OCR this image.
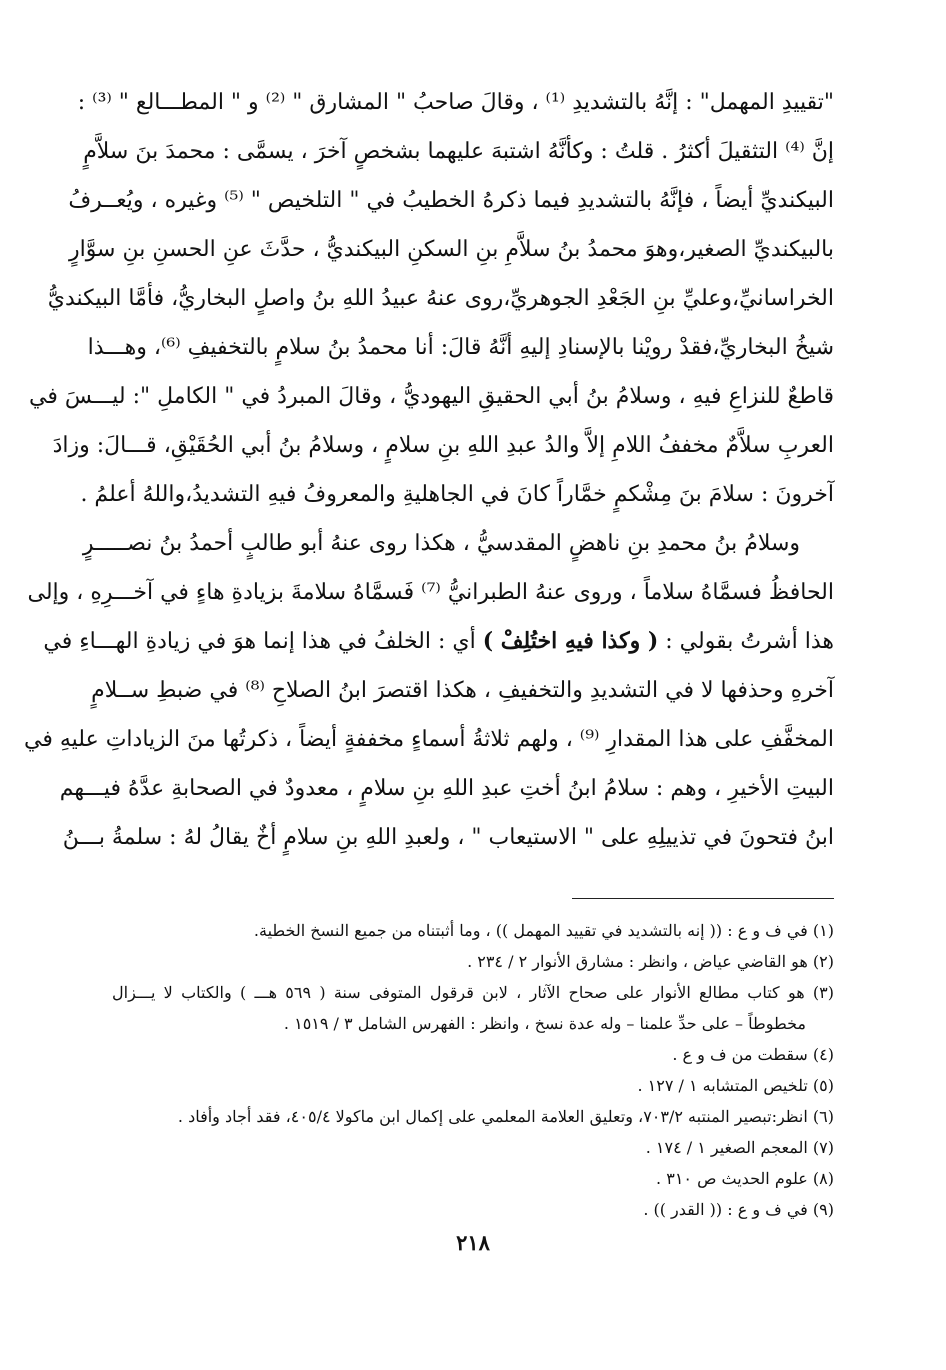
"تقييدِ المهمل" : إنَّهُ بالتشديدِ ⁽¹⁾ ، وقالَ صاحبُ " المشارق " ⁽²⁾ و " المطـــالع " ⁽³⁾ :
إنَّ ⁽⁴⁾ التثقيلَ أكثرُ . قلتُ : وكأنَّهُ اشتبهَ عليهما بشخصٍ آخرَ ، يسمَّى : محمدَ بنَ سلاَّمٍ
البيكنديِّ أيضاً ، فإنَّهُ بالتشديدِ فيما ذكرهُ الخطيبُ في " التلخيص " ⁽⁵⁾ وغيره ، ويُعــرفُ
بالبيكنديِّ الصغير،وهوَ محمدُ بنُ سلاَّمِ بنِ السكنِ البيكنديُّ ، حدَّثَ عنِ الحسنِ بنِ سوَّارٍ
الخراسانيِّ،وعليِّ بنِ الجَعْدِ الجوهريِّ،روى عنهُ عبيدُ اللهِ بنُ واصلٍ البخاريُّ، فأمَّا البيكنديُّ
شيخُ البخاريِّ،فقدْ رويْنا بالإسنادِ إليهِ أنَّهُ قالَ: أنا محمدُ بنُ سلامٍ بالتخفيفِ ⁽⁶⁾، وهـــذا
قاطعٌ للنزاعِ فيهِ ، وسلامُ بنُ أبي الحقيقِ اليهوديُّ ، وقالَ المبردُ في " الكاملِ ": ليـــسَ في
العربِ سلاَّمٌ مخففُ اللامِ إلاَّ والدُ عبدِ اللهِ بنِ سلامٍ ، وسلامُ بنُ أبي الحُقَيْقِ، قـــالَ: وزادَ
آخرونَ : سلامَ بنَ مِشْكمٍ خمَّاراً كانَ في الجاهليةِ والمعروفُ فيهِ التشديدُ،واللهُ أعلمُ .
وسلامُ بنُ محمدِ بنِ ناهضٍ المقدسيُّ ، هكذا روى عنهُ أبو طالبٍ أحمدُ بنُ نصـــــرٍ
الحافظُ فسمَّاهُ سلاماً ، وروى عنهُ الطبرانيُّ ⁽⁷⁾ فَسمَّاهُ سلامةَ بزيادةِ هاءٍ في آخـــرِهِ ، وإلى
هذا أشرتُ بقولي : ( وكذا فيهِ اختُلِفْ ) أي : الخلفُ في هذا إنما هوَ في زيادةِ الهـــاءِ في
آخرهِ وحذفها لا في التشديدِ والتخفيفِ ، هكذا اقتصرَ ابنُ الصلاحِ ⁽⁸⁾ في ضبطِ ســلامٍ
المخفَّفِ على هذا المقدارِ ⁽⁹⁾ ، ولهم ثلاثةُ أسماءٍ مخففةٍ أيضاً ، ذكرتُها منَ الزياداتِ عليهِ في
البيتِ الأخيرِ ، وهم : سلامُ ابنُ أختِ عبدِ اللهِ بنِ سلامٍ ، معدودٌ في الصحابةِ عدَّهُ فيـــهم
ابنُ فتحونَ في تذييلِهِ على " الاستيعاب " ، ولعبدِ اللهِ بنِ سلامٍ أخٌ يقالُ لهُ : سلمةُ بـــنُ
(١) في ف و ع : (( إنه بالتشديد في تقييد المهمل )) ، وما أثبتناه من جميع النسخ الخطية.
(٢) هو القاضي عياض ، وانظر : مشارق الأنوار ٢ / ٢٣٤ .
(٣) هو كتاب مطالع الأنوار على صحاح الآثار ، لابن قرقول المتوفى سنة ( ٥٦٩ هـــ ) والكتاب لا يـــزال
مخطوطاً – على حدِّ علمنا – وله عدة نسخ ، وانظر : الفهرس الشامل ٣ / ١٥١٩ .
(٤) سقطت من ف و ع .
(٥) تلخيص المتشابه ١ / ١٢٧ .
(٦) انظر:تبصير المنتبه ٧٠٣/٢، وتعليق العلامة المعلمي على إكمال ابن ماكولا ٤٠٥/٤، فقد أجاد وأفاد .
(٧) المعجم الصغير ١ / ١٧٤ .
(٨) علوم الحديث ص ٣١٠ .
(٩) في ف و ع : (( القدر )) .
٢١٨
